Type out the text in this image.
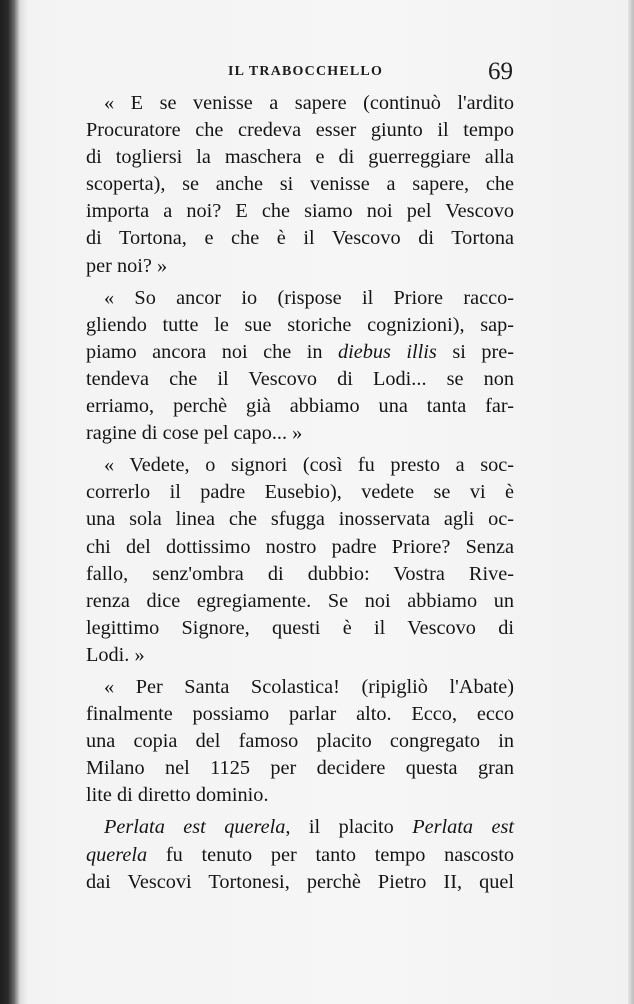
IL TRABOCCHELLO	69
« E se venisse a sapere (continuò l'ardito
Procuratore che credeva esser giunto il tempo
di togliersi la maschera e di guerreggiare alla
scoperta), se anche si venisse a sapere, che
importa a noi? E che siamo noi pel Vescovo
di Tortona, e che è il Vescovo di Tortona
per noi? »
« So ancor io (rispose il Priore racco-
gliendo tutte le sue storiche cognizioni), sap-
piamo ancora noi che in diebus illis si pre-
tendeva che il Vescovo di Lodi... se non
erriamo, perchè già abbiamo una tanta far-
ragine di cose pel capo... »
« Vedete, o signori (così fu presto a soc-
correrlo il padre Eusebio), vedete se vi è
una sola linea che sfugga inosservata agli oc-
chi del dottissimo nostro padre Priore? Senza
fallo, senz'ombra di dubbio: Vostra Rive-
renza dice egregiamente. Se noi abbiamo un
legittimo Signore, questi è il Vescovo di
Lodi. »
« Per Santa Scolastica! (ripigliò l'Abate)
finalmente possiamo parlar alto. Ecco, ecco
una copia del famoso placito congregato in
Milano nel 1125 per decidere questa gran
lite di diretto dominio.
Perlata est querela, il placito Perlata est
querela fu tenuto per tanto tempo nascosto
dai Vescovi Tortonesi, perchè Pietro II, quel
